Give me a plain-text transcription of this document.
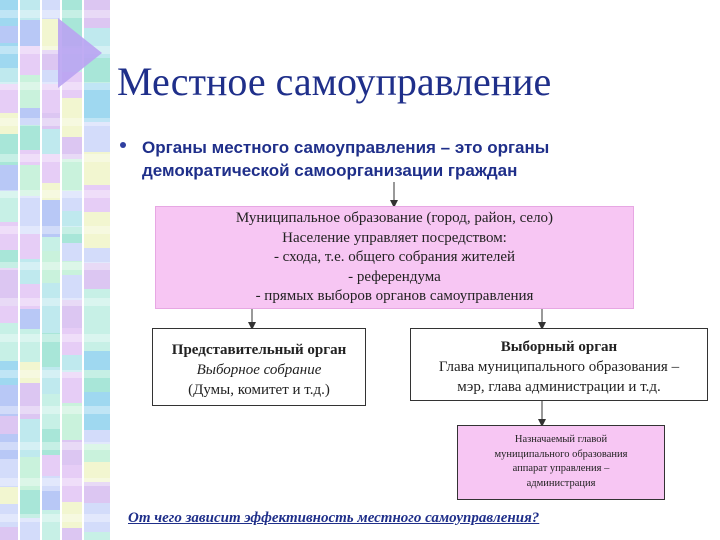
Местное самоуправление
Органы местного самоуправления – это органы демократической самоорганизации граждан
Муниципальное образование (город, район, село)
Население управляет посредством:
- схода, т.е. общего собрания жителей
- референдума
- прямых выборов органов самоуправления
Представительный орган
Выборное собрание
(Думы, комитет и т.д.)
Выборный орган
Глава муниципального образования –
мэр, глава администрации и т.д.
Назначаемый главой
муниципального образования
аппарат управления –
администрация
От чего зависит эффективность местного самоуправления?
